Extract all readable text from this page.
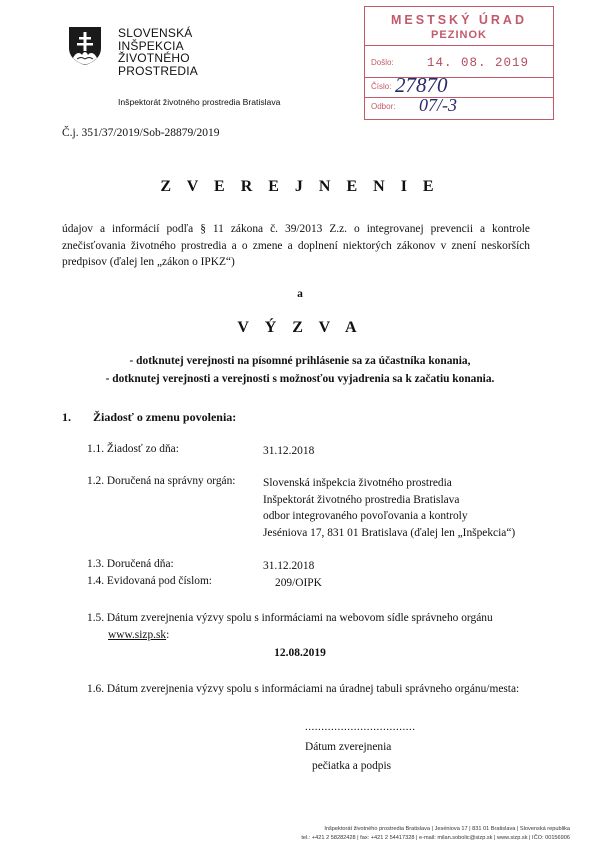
SLOVENSKÁ
INŠPEKCIA
ŽIVOTNÉHO
PROSTREDIA
Inšpektorát životného prostredia Bratislava
MESTSKÝ ÚRAD
PEZINOK
Došlo:	14. 08. 2019
Číslo: 27870
Odbor: 07/-3
Č.j. 351/37/2019/Sob-28879/2019
Z V E R E J N E N I E
údajov a informácií podľa § 11 zákona č. 39/2013 Z.z. o integrovanej prevencii a kontrole znečisťovania životného prostredia a o zmene a doplnení niektorých zákonov v znení neskorších predpisov (ďalej len „zákon o IPKZ“)
a
V Ý Z V A
- dotknutej verejnosti na písomné prihlásenie sa za účastníka konania,
- dotknutej verejnosti a verejnosti s možnosťou vyjadrenia sa k začatiu konania.
1. Žiadosť o zmenu povolenia:
1.1. Žiadosť zo dňa:	31.12.2018
1.2. Doručená na správny orgán: Slovenská inšpekcia životného prostredia
Inšpektorát životného prostredia Bratislava
odbor integrovaného povoľovania a kontroly
Jeséniova 17, 831 01 Bratislava (ďalej len „Inšpekcia“)
1.3. Doručená dňa:	31.12.2018
1.4. Evidovaná pod číslom:	209/OIPK
1.5. Dátum zverejnenia výzvy spolu s informáciami na webovom sídle správneho orgánu
www.sizp.sk:
12.08.2019
1.6. Dátum zverejnenia výzvy spolu s informáciami na úradnej tabuli správneho orgánu/mesta:
..................................
Dátum zverejnenia
pečiatka a podpis
Inšpektorát životného prostredia Bratislava | Jeséniova 17 | 831 01 Bratislava | Slovenská republika
tel.: +421 2 58282428 | fax: +421 2 54417328 | e-mail: milan.sobolic@sizp.sk | www.sizp.sk | IČO: 00156906
